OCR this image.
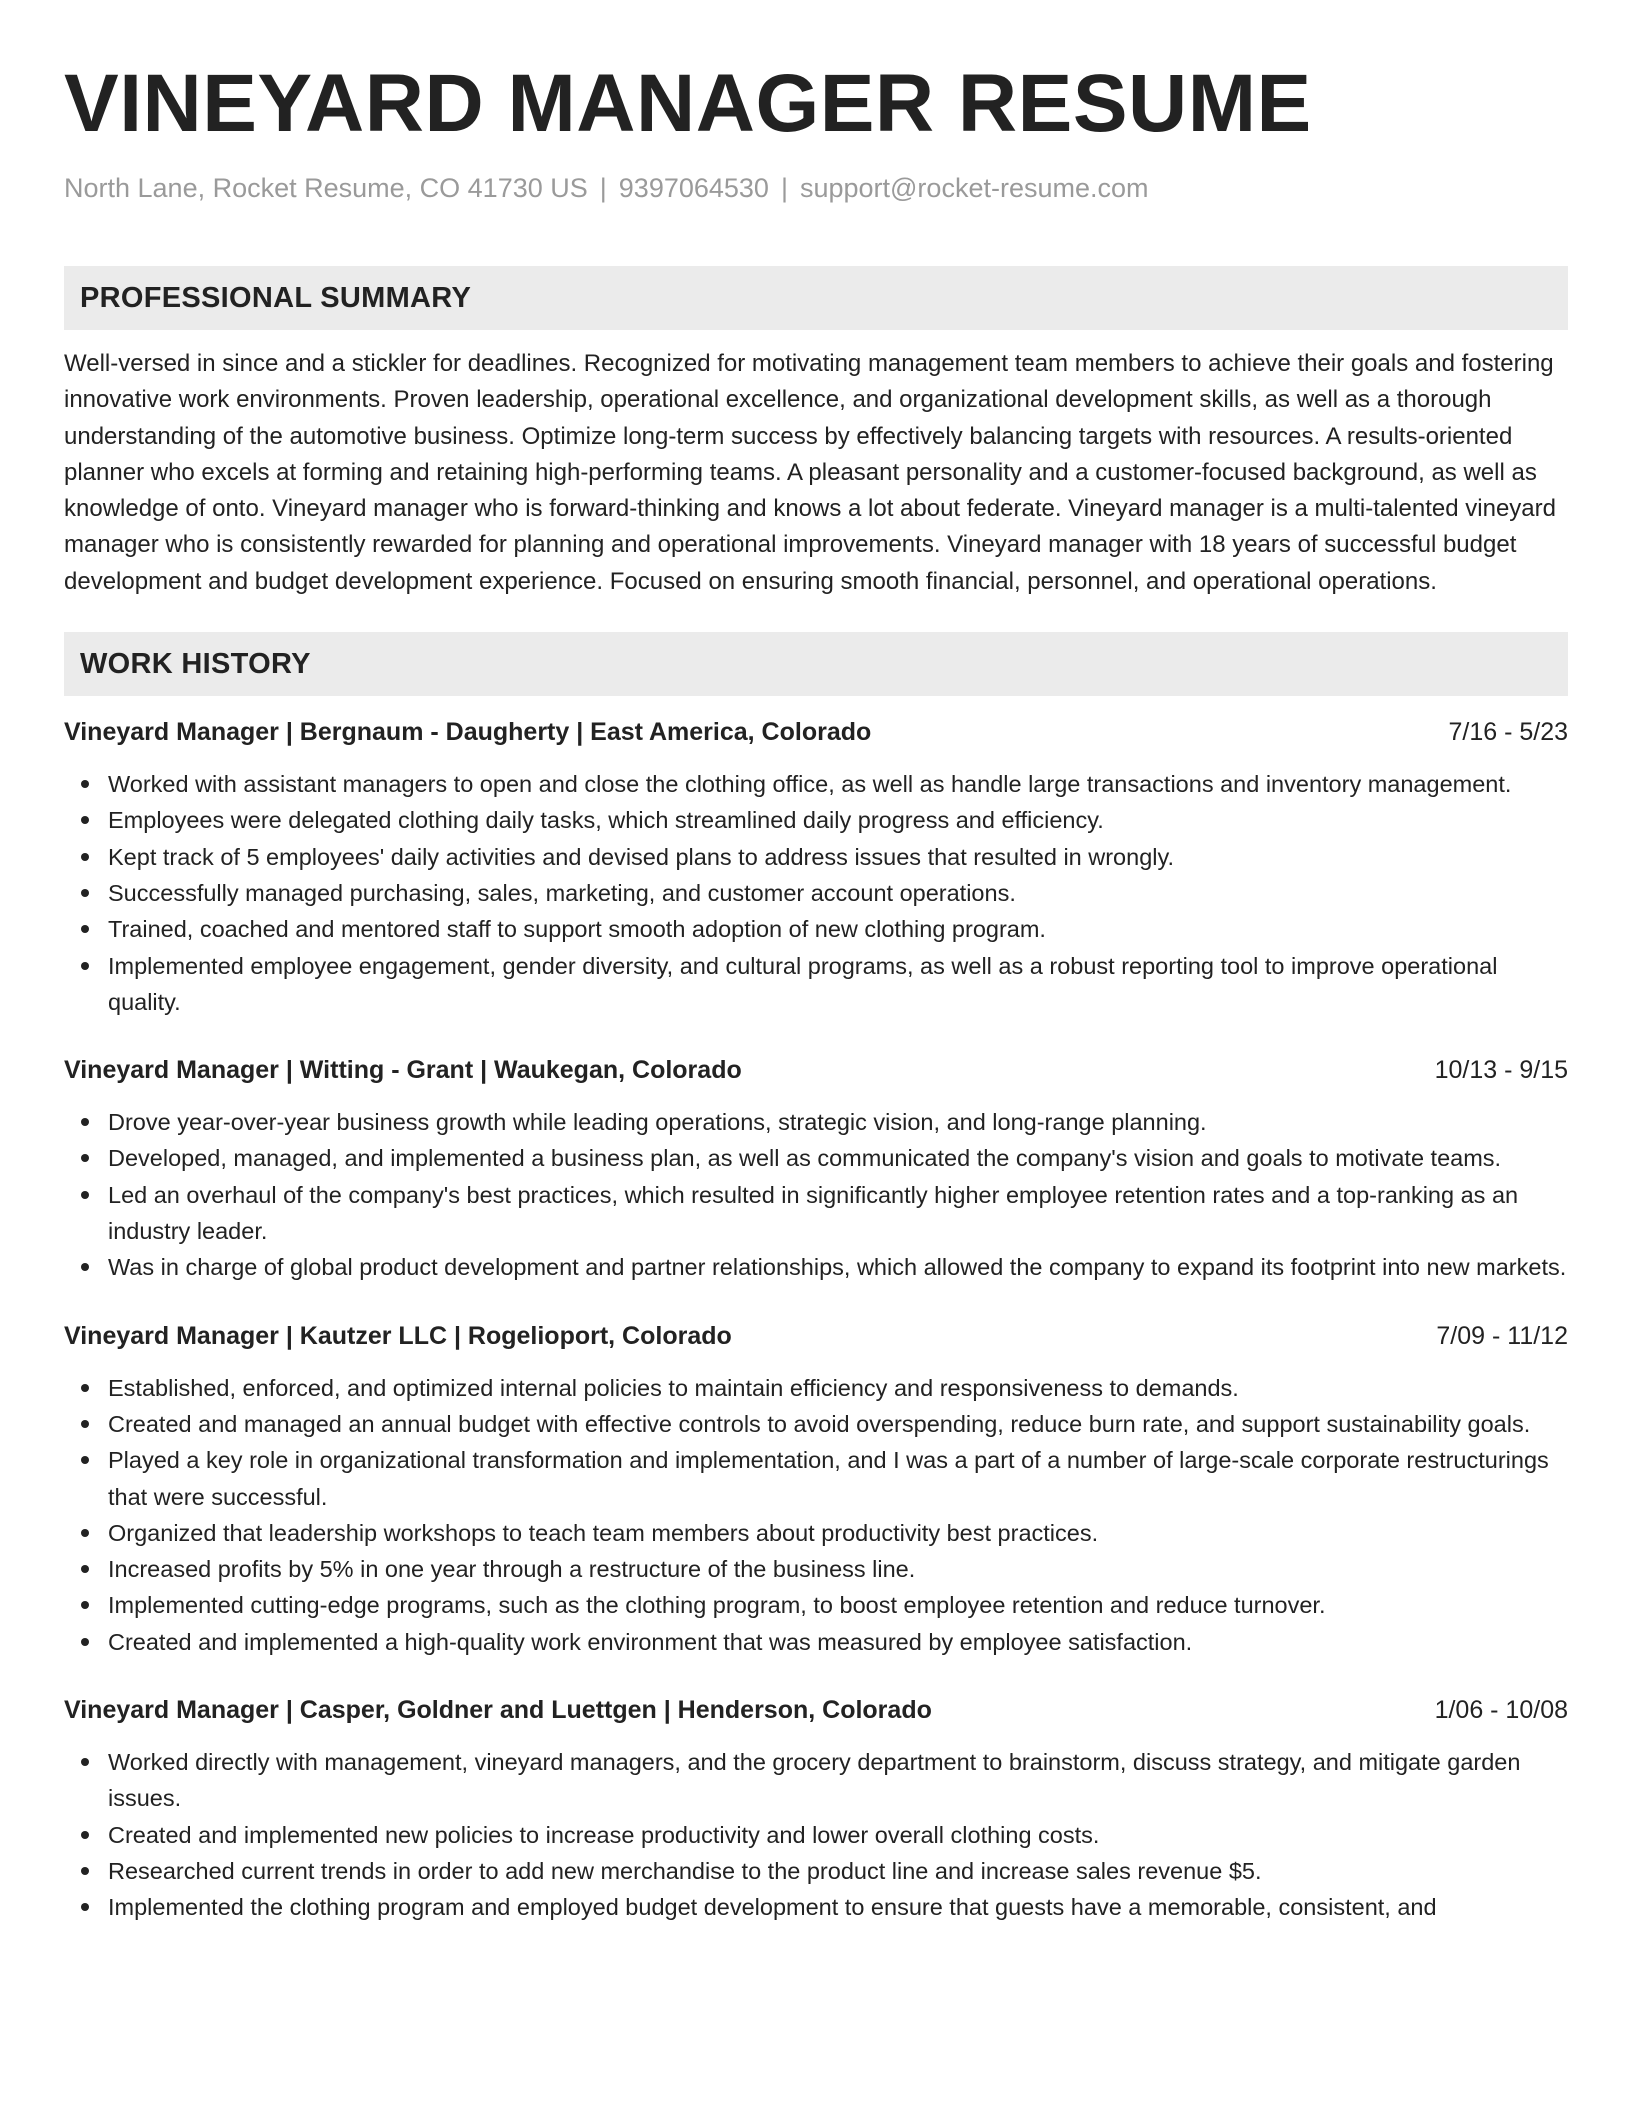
VINEYARD MANAGER RESUME
North Lane, Rocket Resume, CO 41730 US | 9397064530 | support@rocket-resume.com
PROFESSIONAL SUMMARY

Well-versed in since and a stickler for deadlines. Recognized for motivating management team members to achieve their goals and fostering innovative work environments. Proven leadership, operational excellence, and organizational development skills, as well as a thorough understanding of the automotive business. Optimize long-term success by effectively balancing targets with resources. A results-oriented planner who excels at forming and retaining high-performing teams. A pleasant personality and a customer-focused background, as well as knowledge of onto. Vineyard manager who is forward-thinking and knows a lot about federate. Vineyard manager is a multi-talented vineyard manager who is consistently rewarded for planning and operational improvements. Vineyard manager with 18 years of successful budget development and budget development experience. Focused on ensuring smooth financial, personnel, and operational operations.

WORK HISTORY
Vineyard Manager | Bergnaum - Daugherty | East America, Colorado	7/16 - 5/23
Worked with assistant managers to open and close the clothing office, as well as handle large transactions and inventory management.
Employees were delegated clothing daily tasks, which streamlined daily progress and efficiency.
Kept track of 5 employees' daily activities and devised plans to address issues that resulted in wrongly.
Successfully managed purchasing, sales, marketing, and customer account operations.
Trained, coached and mentored staff to support smooth adoption of new clothing program.
Implemented employee engagement, gender diversity, and cultural programs, as well as a robust reporting tool to improve operational quality.
Vineyard Manager | Witting - Grant | Waukegan, Colorado	10/13 - 9/15
Drove year-over-year business growth while leading operations, strategic vision, and long-range planning.
Developed, managed, and implemented a business plan, as well as communicated the company's vision and goals to motivate teams.
Led an overhaul of the company's best practices, which resulted in significantly higher employee retention rates and a top-ranking as an industry leader.
Was in charge of global product development and partner relationships, which allowed the company to expand its footprint into new markets.
Vineyard Manager | Kautzer LLC | Rogelioport, Colorado	7/09 - 11/12
Established, enforced, and optimized internal policies to maintain efficiency and responsiveness to demands.
Created and managed an annual budget with effective controls to avoid overspending, reduce burn rate, and support sustainability goals.
Played a key role in organizational transformation and implementation, and I was a part of a number of large-scale corporate restructurings that were successful.
Organized that leadership workshops to teach team members about productivity best practices.
Increased profits by 5% in one year through a restructure of the business line.
Implemented cutting-edge programs, such as the clothing program, to boost employee retention and reduce turnover.
Created and implemented a high-quality work environment that was measured by employee satisfaction.
Vineyard Manager | Casper, Goldner and Luettgen | Henderson, Colorado	1/06 - 10/08
Worked directly with management, vineyard managers, and the grocery department to brainstorm, discuss strategy, and mitigate garden issues.
Created and implemented new policies to increase productivity and lower overall clothing costs.
Researched current trends in order to add new merchandise to the product line and increase sales revenue $5.
Implemented the clothing program and employed budget development to ensure that guests have a memorable, consistent, and
